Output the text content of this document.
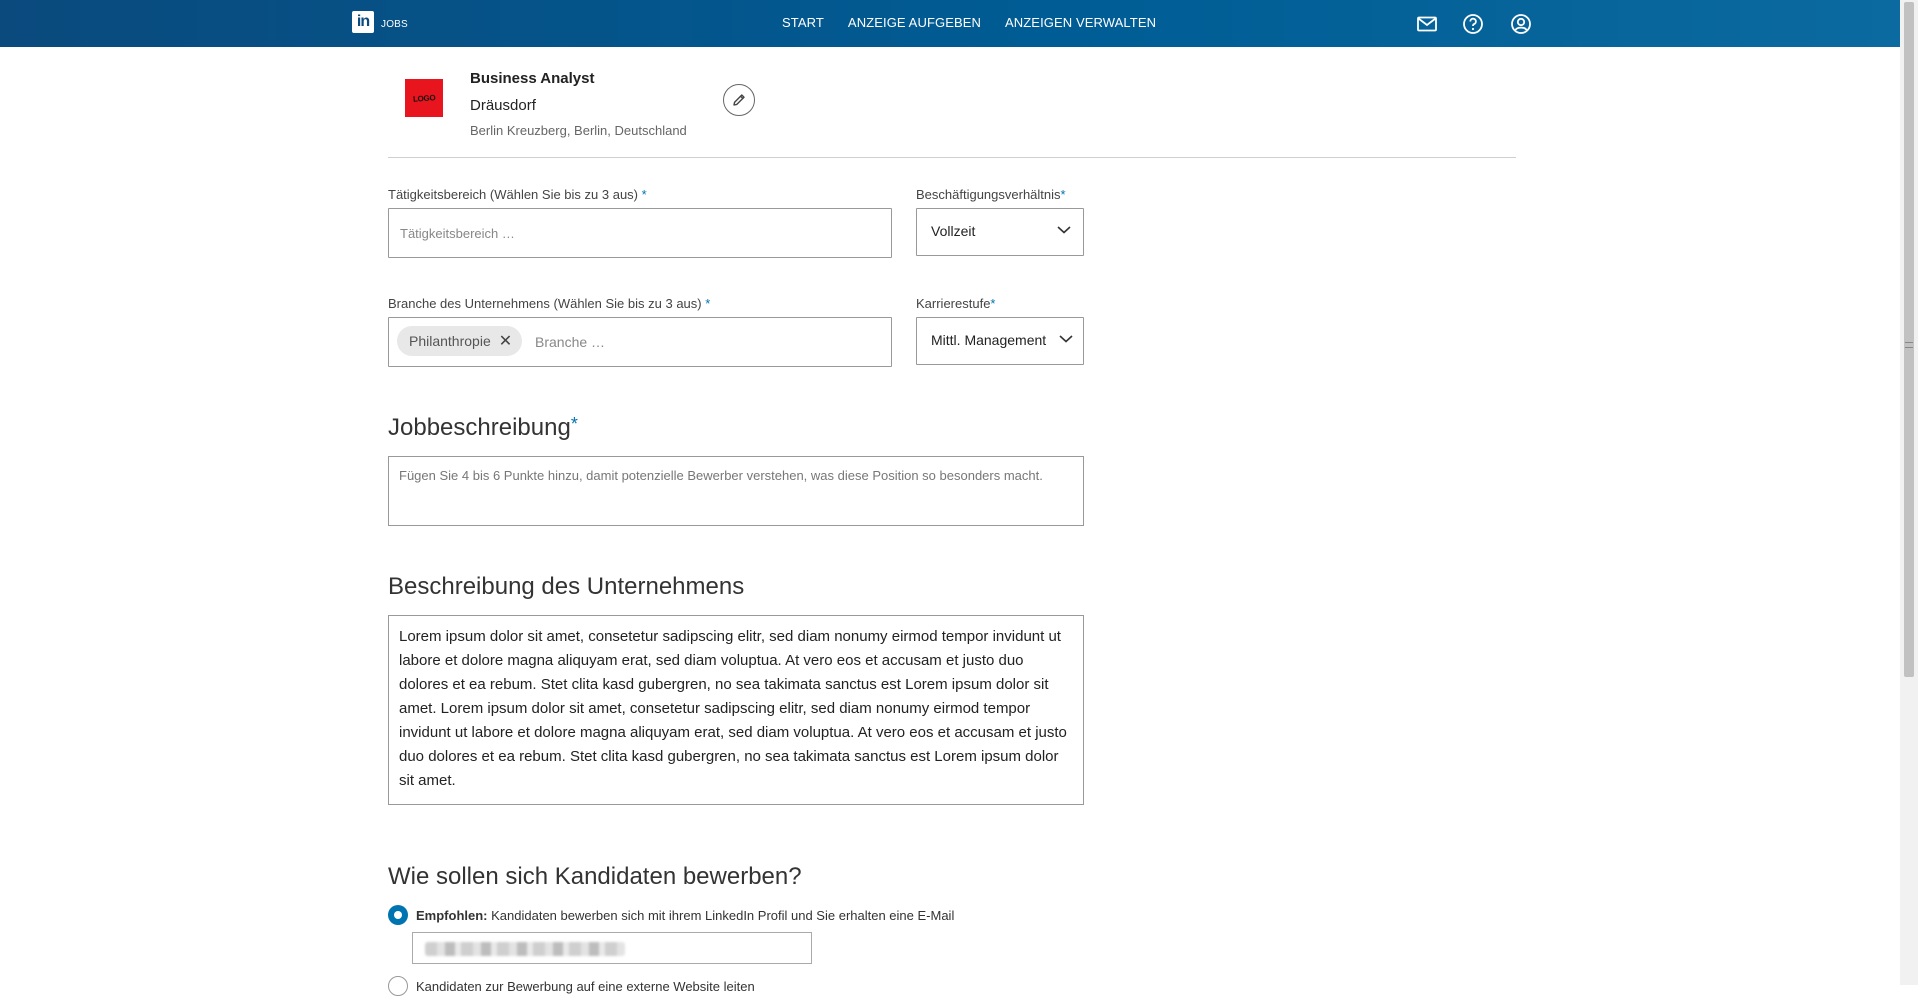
in	JOBS	START ANZEIGE AUFGEBEN ANZEIGEN VERWALTEN
LOGO
Business Analyst
Dräusdorf
Berlin Kreuzberg, Berlin, Deutschland
Tätigkeitsbereich (Wählen Sie bis zu 3 aus) *
Tätigkeitsbereich …
Beschäftigungsverhältnis*
Vollzeit
Branche des Unternehmens (Wählen Sie bis zu 3 aus) *
Philanthropie ✕ Branche …
Karrierestufe*
Mittl. Management
Jobbeschreibung*
Fügen Sie 4 bis 6 Punkte hinzu, damit potenzielle Bewerber verstehen, was diese Position so besonders macht.
Beschreibung des Unternehmens
Lorem ipsum dolor sit amet, consetetur sadipscing elitr, sed diam nonumy eirmod tempor invidunt ut labore et dolore magna aliquyam erat, sed diam voluptua. At vero eos et accusam et justo duo dolores et ea rebum. Stet clita kasd gubergren, no sea takimata sanctus est Lorem ipsum dolor sit amet. Lorem ipsum dolor sit amet, consetetur sadipscing elitr, sed diam nonumy eirmod tempor invidunt ut labore et dolore magna aliquyam erat, sed diam voluptua. At vero eos et accusam et justo duo dolores et ea rebum. Stet clita kasd gubergren, no sea takimata sanctus est Lorem ipsum dolor sit amet.
Wie sollen sich Kandidaten bewerben?
Empfohlen: Kandidaten bewerben sich mit ihrem LinkedIn Profil und Sie erhalten eine E-Mail
Kandidaten zur Bewerbung auf eine externe Website leiten
